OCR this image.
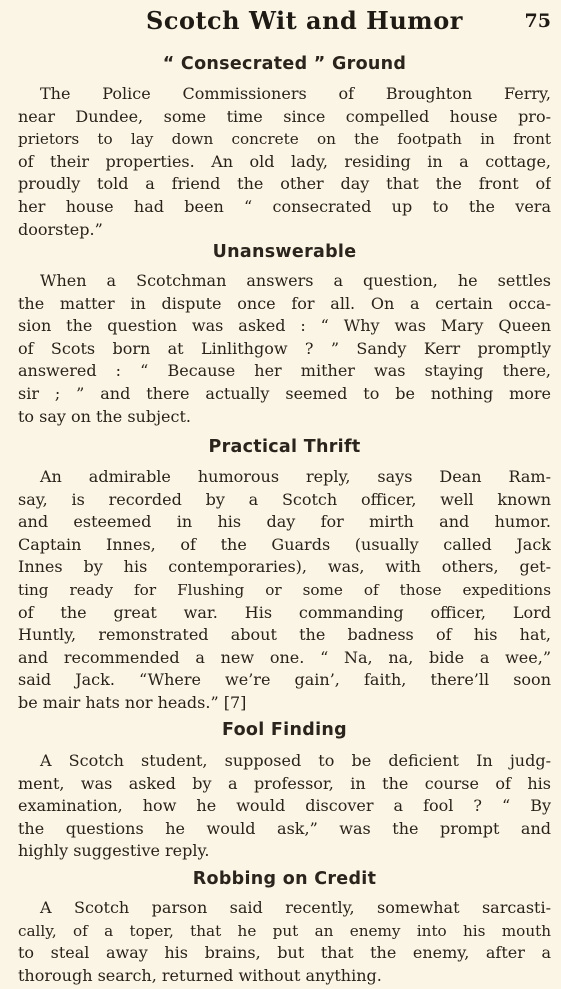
Scotch Wit and Humor	75
“ Consecrated ” Ground
The Police Commissioners of Broughton Ferry,
near Dundee, some time since compelled house pro-
prietors to lay down concrete on the footpath in front
of their properties. An old lady, residing in a cottage,
proudly told a friend the other day that the front of
her house had been “ consecrated up to the vera
doorstep.”
Unanswerable
When a Scotchman answers a question, he settles
the matter in dispute once for all. On a certain occa-
sion the question was asked : “ Why was Mary Queen
of Scots born at Linlithgow ? ” Sandy Kerr promptly
answered : “ Because her mither was staying there,
sir ; ” and there actually seemed to be nothing more
to say on the subject.
Practical Thrift
An admirable humorous reply, says Dean Ram-
say, is recorded by a Scotch officer, well known
and esteemed in his day for mirth and humor.
Captain Innes, of the Guards (usually called Jack
Innes by his contemporaries), was, with others, get-
ting ready for Flushing or some of those expeditions
of the great war. His commanding officer, Lord
Huntly, remonstrated about the badness of his hat,
and recommended a new one. “ Na, na, bide a wee,”
said Jack. “Where we’re gain’, faith, there’ll soon
be mair hats nor heads.” [7]
Fool Finding
A Scotch student, supposed to be deficient In judg-
ment, was asked by a professor, in the course of his
examination, how he would discover a fool ? “ By
the questions he would ask,” was the prompt and
highly suggestive reply.
Robbing on Credit
A Scotch parson said recently, somewhat sarcasti-
cally, of a toper, that he put an enemy into his mouth
to steal away his brains, but that the enemy, after a
thorough search, returned without anything.
